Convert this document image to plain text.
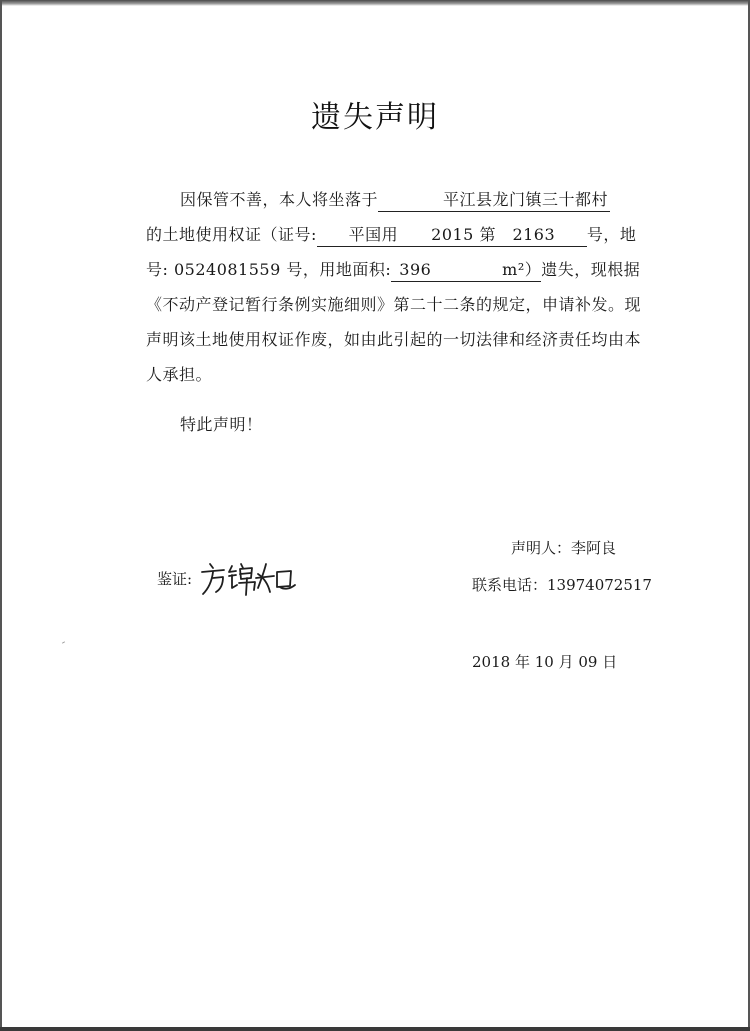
遗失声明
因保管不善，本人将坐落于	平江县龙门镇三十都村
的土地使用权证（证号: 平国用　　2015 第　2163 号，地
号: 0524081559 号，用地面积: 396	m²） 遗失，现根据
《不动产登记暂行条例实施细则》第二十二条的规定，申请补发。现
声明该土地使用权证作废，如由此引起的一切法律和经济责任均由本
人承担。
特此声明！
声明人：李阿良
联系电话：13974072517
鉴证:
2018 年 10 月 09 日
